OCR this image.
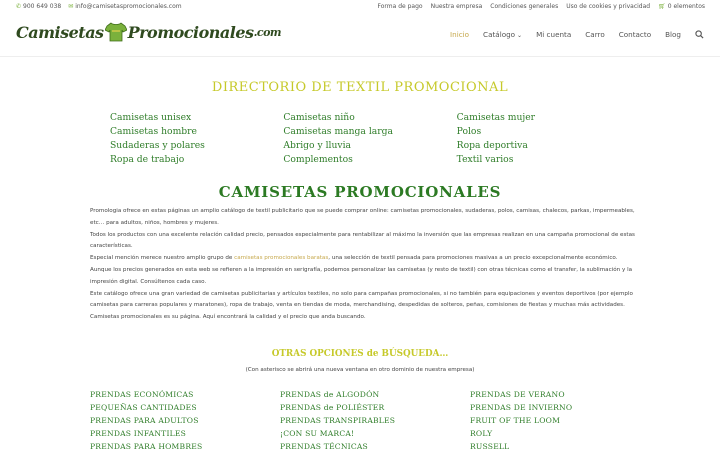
✆ 900 649 038 ✉ info@camisetaspromocionales.com	Forma de pago Nuestra empresa Condiciones generales Uso de cookies y privacidad 🛒︎ 0 elementos
Camisetas Promocionales .com	Inicio Catálogo ⌄ Mi cuenta Carro Contacto Blog
DIRECTORIO DE TEXTIL PROMOCIONAL
Camisetas unisex
Camisetas hombre
Sudaderas y polares
Ropa de trabajo
Camisetas niño
Camisetas manga larga
Abrigo y lluvia
Complementos
Camisetas mujer
Polos
Ropa deportiva
Textil varios
CAMISETAS PROMOCIONALES

Promologia ofrece en estas páginas un amplio catálogo de textil publicitario que se puede comprar online: camisetas promocionales, sudaderas, polos, camisas, chalecos, parkas, impermeables, etc… para adultos, niños, hombres y mujeres.

Todos los productos con una excelente relación calidad precio, pensados especialmente para rentabilizar al máximo la inversión que las empresas realizan en una campaña promocional de estas características.

Especial mención merece nuestro amplio grupo de camisetas promocionales baratas, una selección de textil pensada para promociones masivas a un precio excepcionalmente económico.

Aunque los precios generados en esta web se refieren a la impresión en serigrafía, podemos personalizar las camisetas (y resto de textil) con otras técnicas como el transfer, la sublimación y la impresión digital. Consúltenos cada caso.

Este catálogo ofrece una gran variedad de camisetas publicitarias y artículos textiles, no solo para campañas promocionales, si no también para equipaciones y eventos deportivos (por ejemplo camisetas para carreras populares y maratones), ropa de trabajo, venta en tiendas de moda, merchandising, despedidas de solteros, peñas, comisiones de fiestas y muchas más actividades.

Camisetas promocionales es su página. Aquí encontrará la calidad y el precio que anda buscando.

OTRAS OPCIONES de BÚSQUEDA…
(Con asterisco se abrirá una nueva ventana en otro dominio de nuestra empresa)
PRENDAS ECONÓMICAS
PEQUEÑAS CANTIDADES
PRENDAS PARA ADULTOS
PRENDAS INFANTILES
PRENDAS PARA HOMBRES
PRENDAS de ALGODÓN
PRENDAS de POLIÉSTER
PRENDAS TRANSPIRABLES
¡CON SU MARCA!
PRENDAS TÉCNICAS
PRENDAS DE VERANO
PRENDAS DE INVIERNO
FRUIT OF THE LOOM
ROLY
RUSSELL
